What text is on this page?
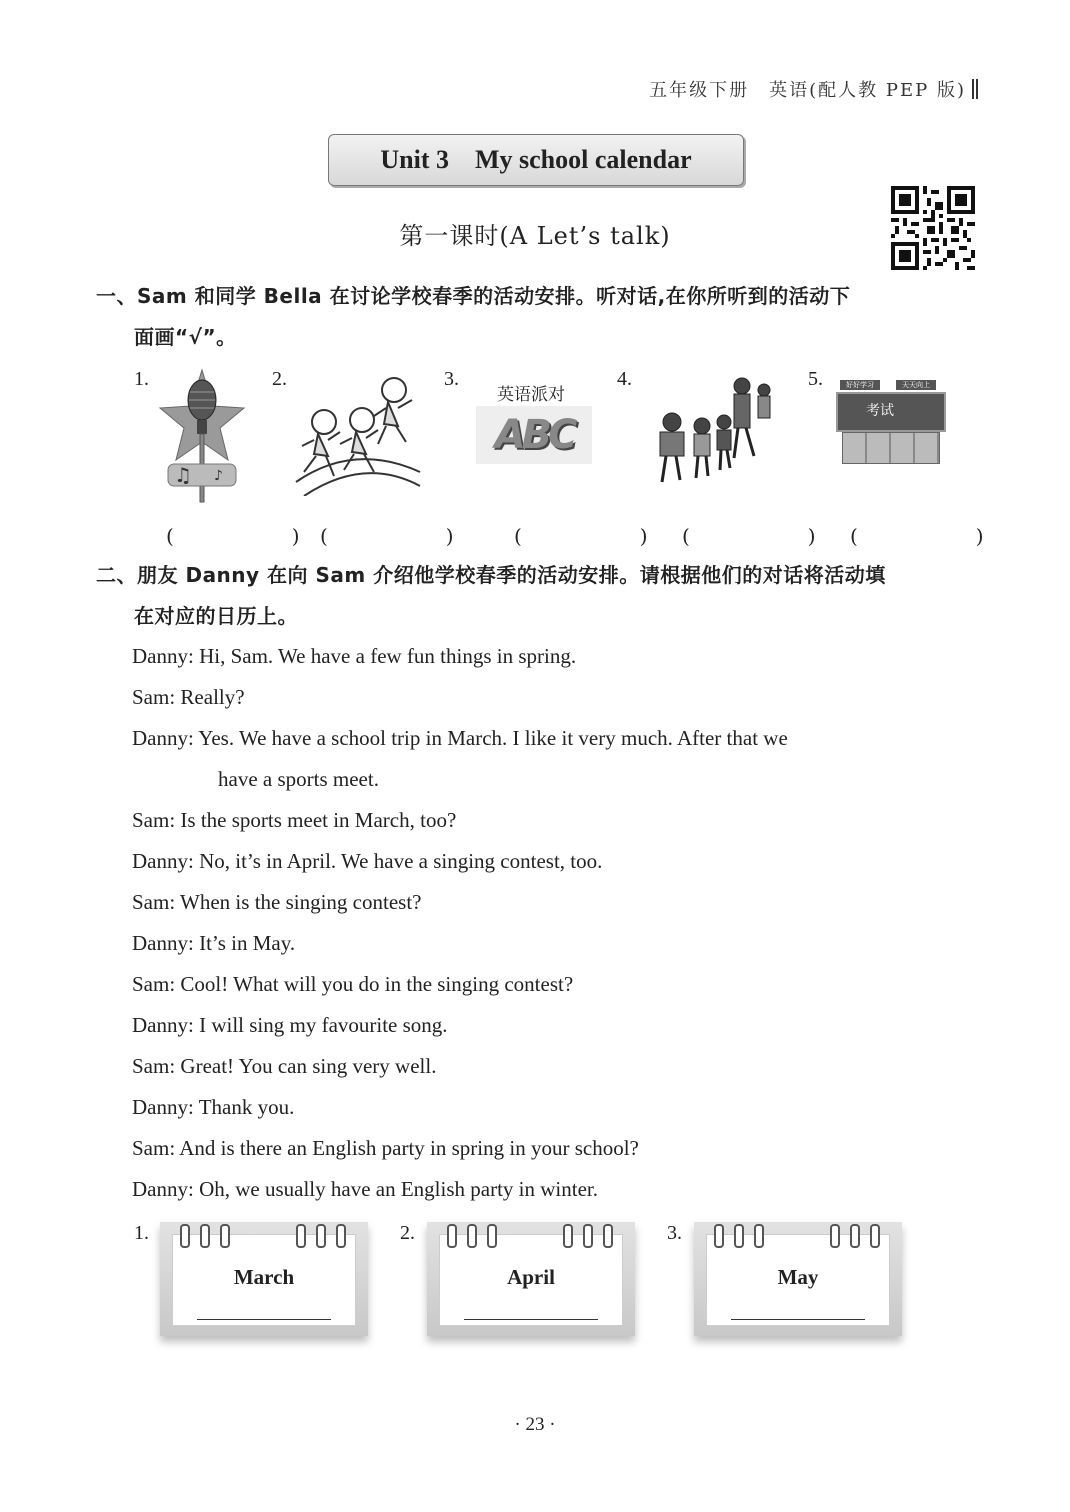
五年级下册　英语(配人教 PEP 版)
Unit 3
My school calendar
第一课时(A Let’s talk)
一、Sam 和同学 Bella 在讨论学校春季的活动安排。听对话,在你所听到的活动下
面画“√”。
1.	2.	3.	4.	5.
♫ ♪
英语派对
ABC
好好学习	天天向上
考试
(　　)
(　　) (　　) (　　) (　　)
二、朋友 Danny 在向 Sam 介绍他学校春季的活动安排。请根据他们的对话将活动填
在对应的日历上。
Danny: Hi, Sam. We have a few fun things in spring.
Sam: Really?
Danny: Yes. We have a school trip in March. I like it very much. After that we
have a sports meet.
Sam: Is the sports meet in March, too?
Danny: No, it’s in April. We have a singing contest, too.
Sam: When is the singing contest?
Danny: It’s in May.
Sam: Cool! What will you do in the singing contest?
Danny: I will sing my favourite song.
Sam: Great! You can sing very well.
Danny: Thank you.
Sam: And is there an English party in spring in your school?
Danny: Oh, we usually have an English party in winter.
1.
March
2.
April
3.
May
· 23 ·
